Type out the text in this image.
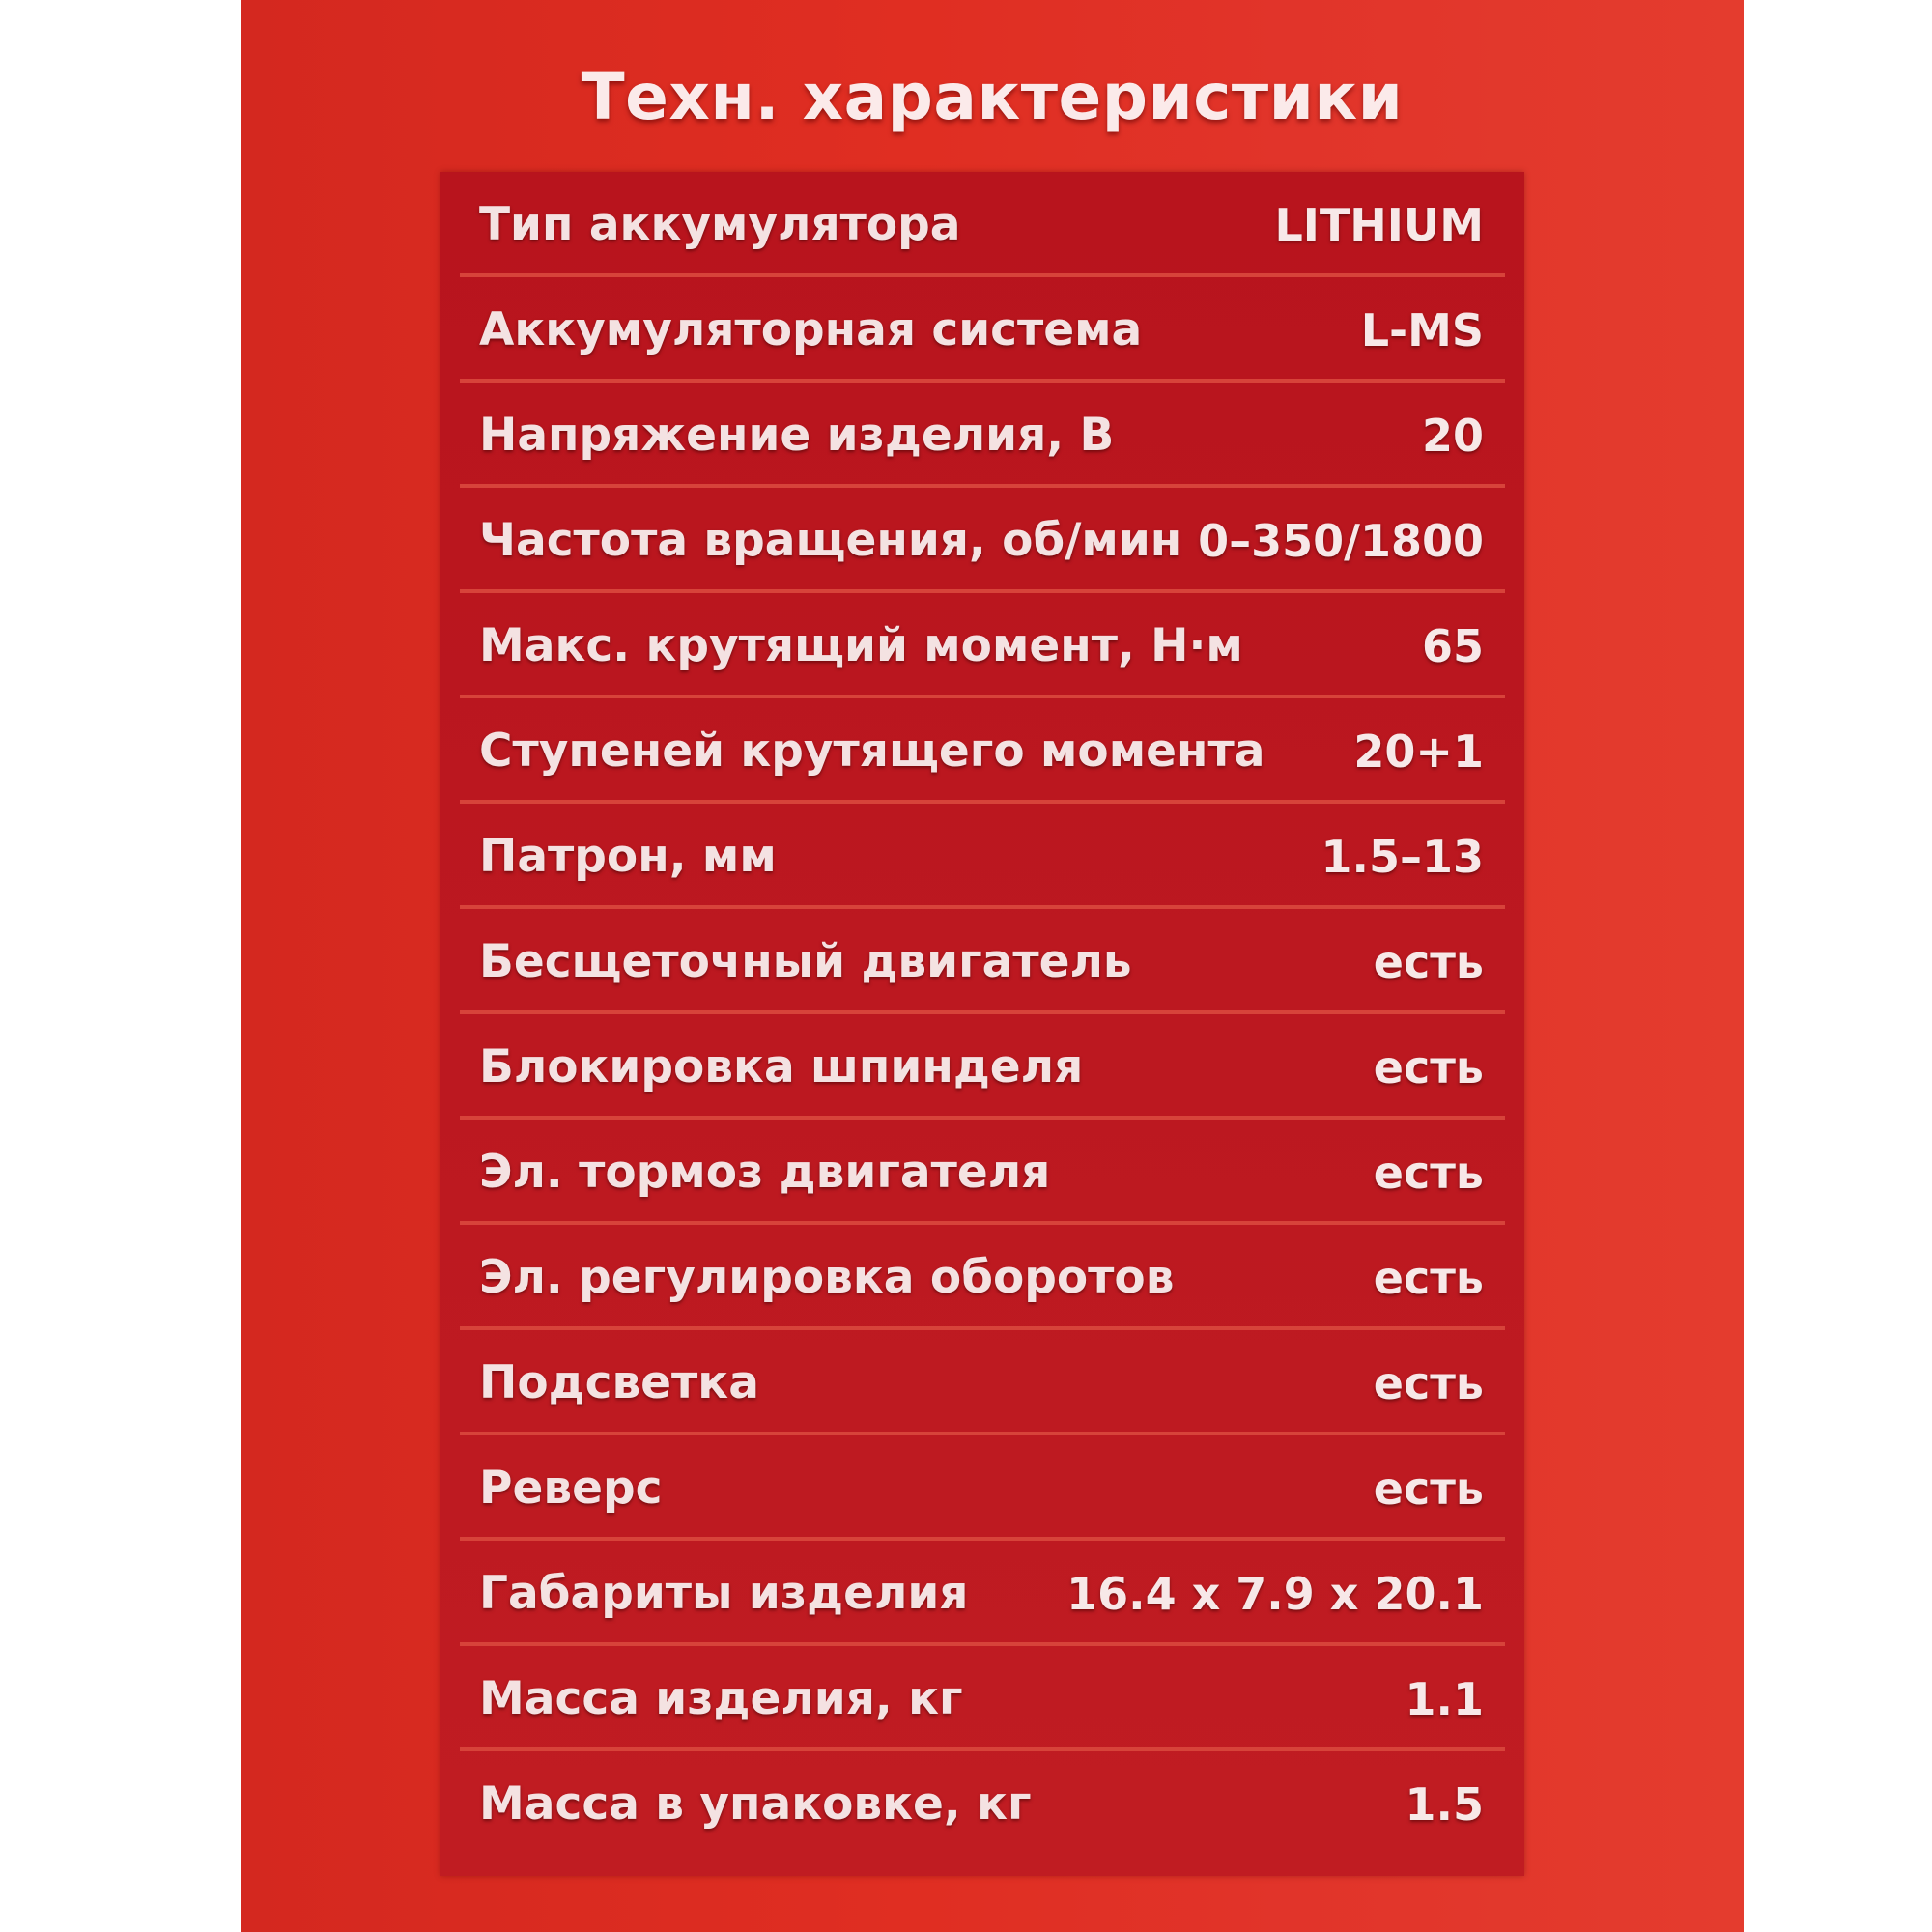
Техн. характеристики
Тип аккумулятора	LITHIUM
Аккумуляторная система	L-MS
Напряжение изделия, В	20
Частота вращения, об/мин 0–350/1800
Макс. крутящий момент, Н·м	65
Ступеней крутящего момента 20+1
Патрон, мм	1.5–13
Бесщеточный двигатель	есть
Блокировка шпинделя	есть
Эл. тормоз двигателя	есть
Эл. регулировка оборотов	есть
Подсветка	есть
Реверс	есть
Габариты изделия 16.4 x 7.9 x 20.1
Масса изделия, кг	1.1
Масса в упаковке, кг	1.5
